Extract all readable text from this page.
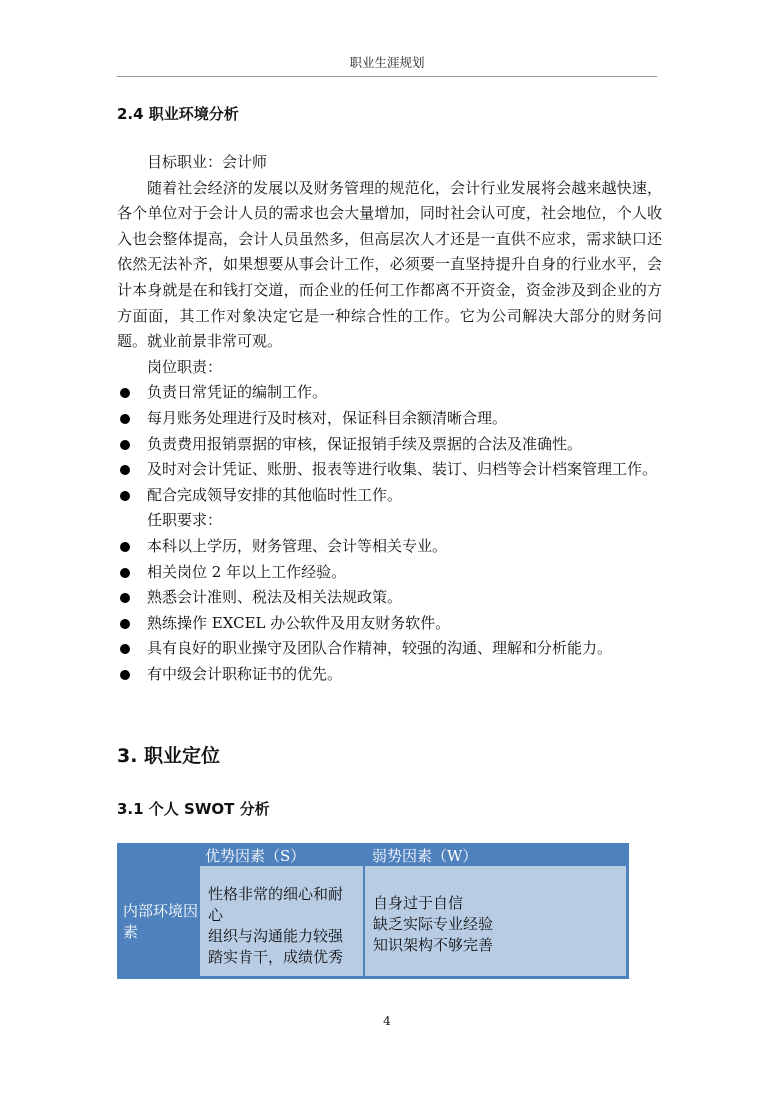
职业生涯规划
2.4 职业环境分析

目标职业：会计师

随着社会经济的发展以及财务管理的规范化，会计行业发展将会越来越快速，各个单位对于会计人员的需求也会大量增加，同时社会认可度，社会地位，个人收入也会整体提高，会计人员虽然多，但高层次人才还是一直供不应求，需求缺口还依然无法补齐，如果想要从事会计工作，必须要一直坚持提升自身的行业水平，会计本身就是在和钱打交道，而企业的任何工作都离不开资金，资金涉及到企业的方方面面，其工作对象决定它是一种综合性的工作。它为公司解决大部分的财务问题。就业前景非常可观。

岗位职责：

负责日常凭证的编制工作。
每月账务处理进行及时核对，保证科目余额清晰合理。
负责费用报销票据的审核，保证报销手续及票据的合法及准确性。
及时对会计凭证、账册、报表等进行收集、装订、归档等会计档案管理工作。
配合完成领导安排的其他临时性工作。

任职要求：

本科以上学历，财务管理、会计等相关专业。
相关岗位 2 年以上工作经验。
熟悉会计准则、税法及相关法规政策。
熟练操作 EXCEL 办公软件及用友财务软件。
具有良好的职业操守及团队合作精神，较强的沟通、理解和分析能力。
有中级会计职称证书的优先。
3. 职业定位
3.1 个人 SWOT 分析
优势因素（S）	弱势因素（W）
内部环境因素
性格非常的细心和耐心
组织与沟通能力较强
踏实肯干，成绩优秀
自身过于自信
缺乏实际专业经验
知识架构不够完善
4
